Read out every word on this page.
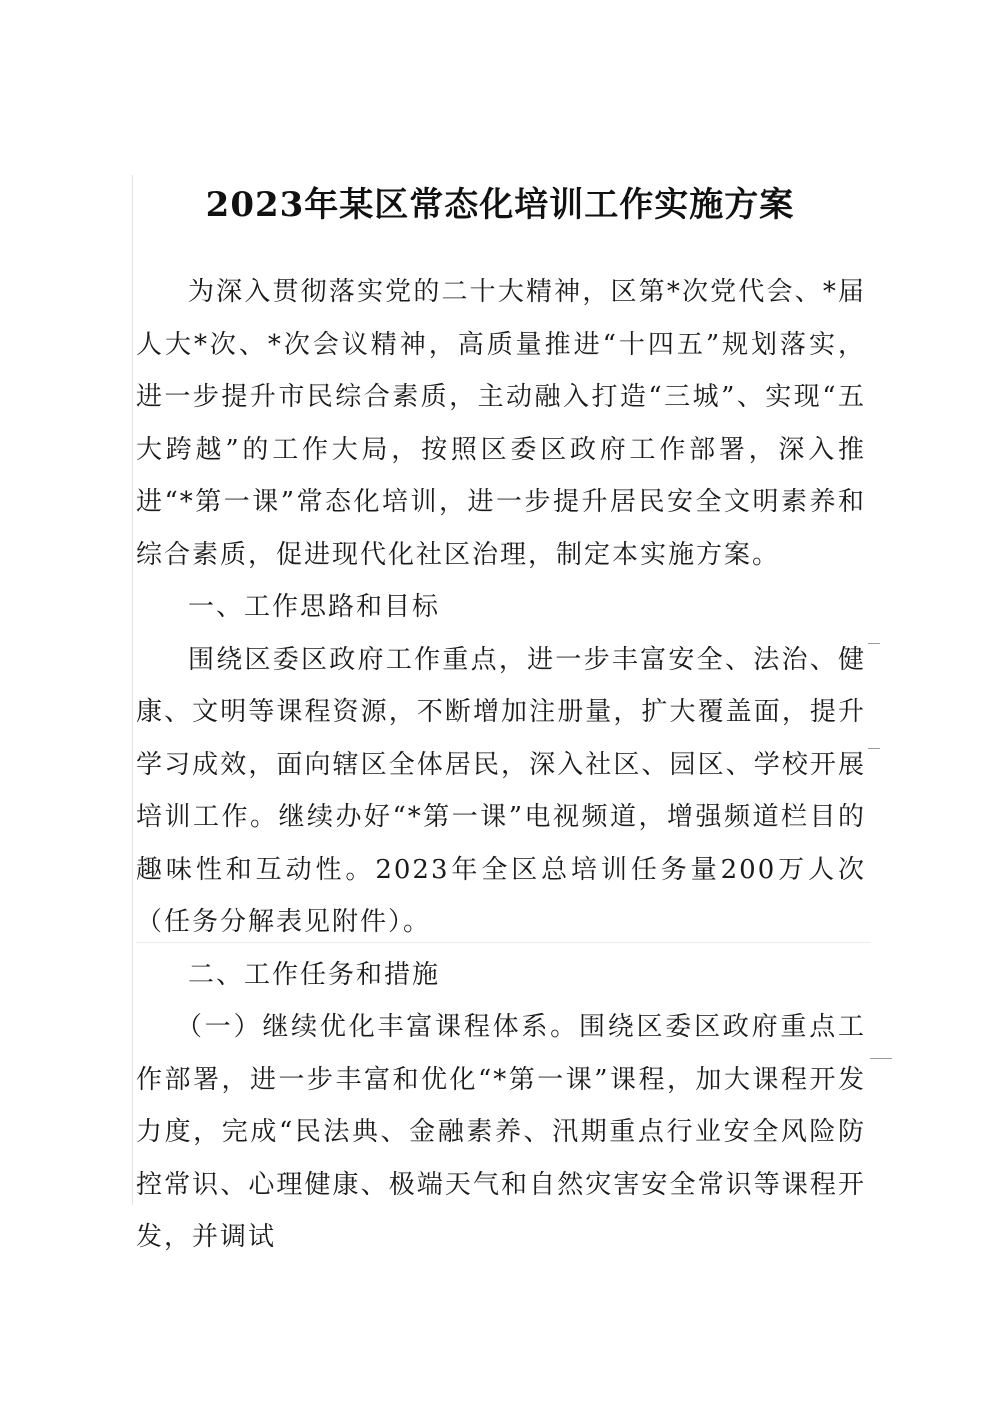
2023年某区常态化培训工作实施方案

为深入贯彻落实党的二十大精神，区第*次党代会、*届人大*次、*次会议精神，高质量推进“十四五”规划落实，进一步提升市民综合素质，主动融入打造“三城”、实现“五大跨越”的工作大局，按照区委区政府工作部署，深入推进“*第一课”常态化培训，进一步提升居民安全文明素养和综合素质，促进现代化社区治理，制定本实施方案。

一、工作思路和目标

围绕区委区政府工作重点，进一步丰富安全、法治、健康、文明等课程资源，不断增加注册量，扩大覆盖面，提升学习成效，面向辖区全体居民，深入社区、园区、学校开展培训工作。继续办好“*第一课”电视频道，增强频道栏目的趣味性和互动性。2023年全区总培训任务量200万人次（任务分解表见附件）。

二、工作任务和措施

（一）继续优化丰富课程体系。围绕区委区政府重点工作部署，进一步丰富和优化“*第一课”课程，加大课程开发力度，完成“民法典、金融素养、汛期重点行业安全风险防控常识、心理健康、极端天气和自然灾害安全常识等课程开发，并调试
